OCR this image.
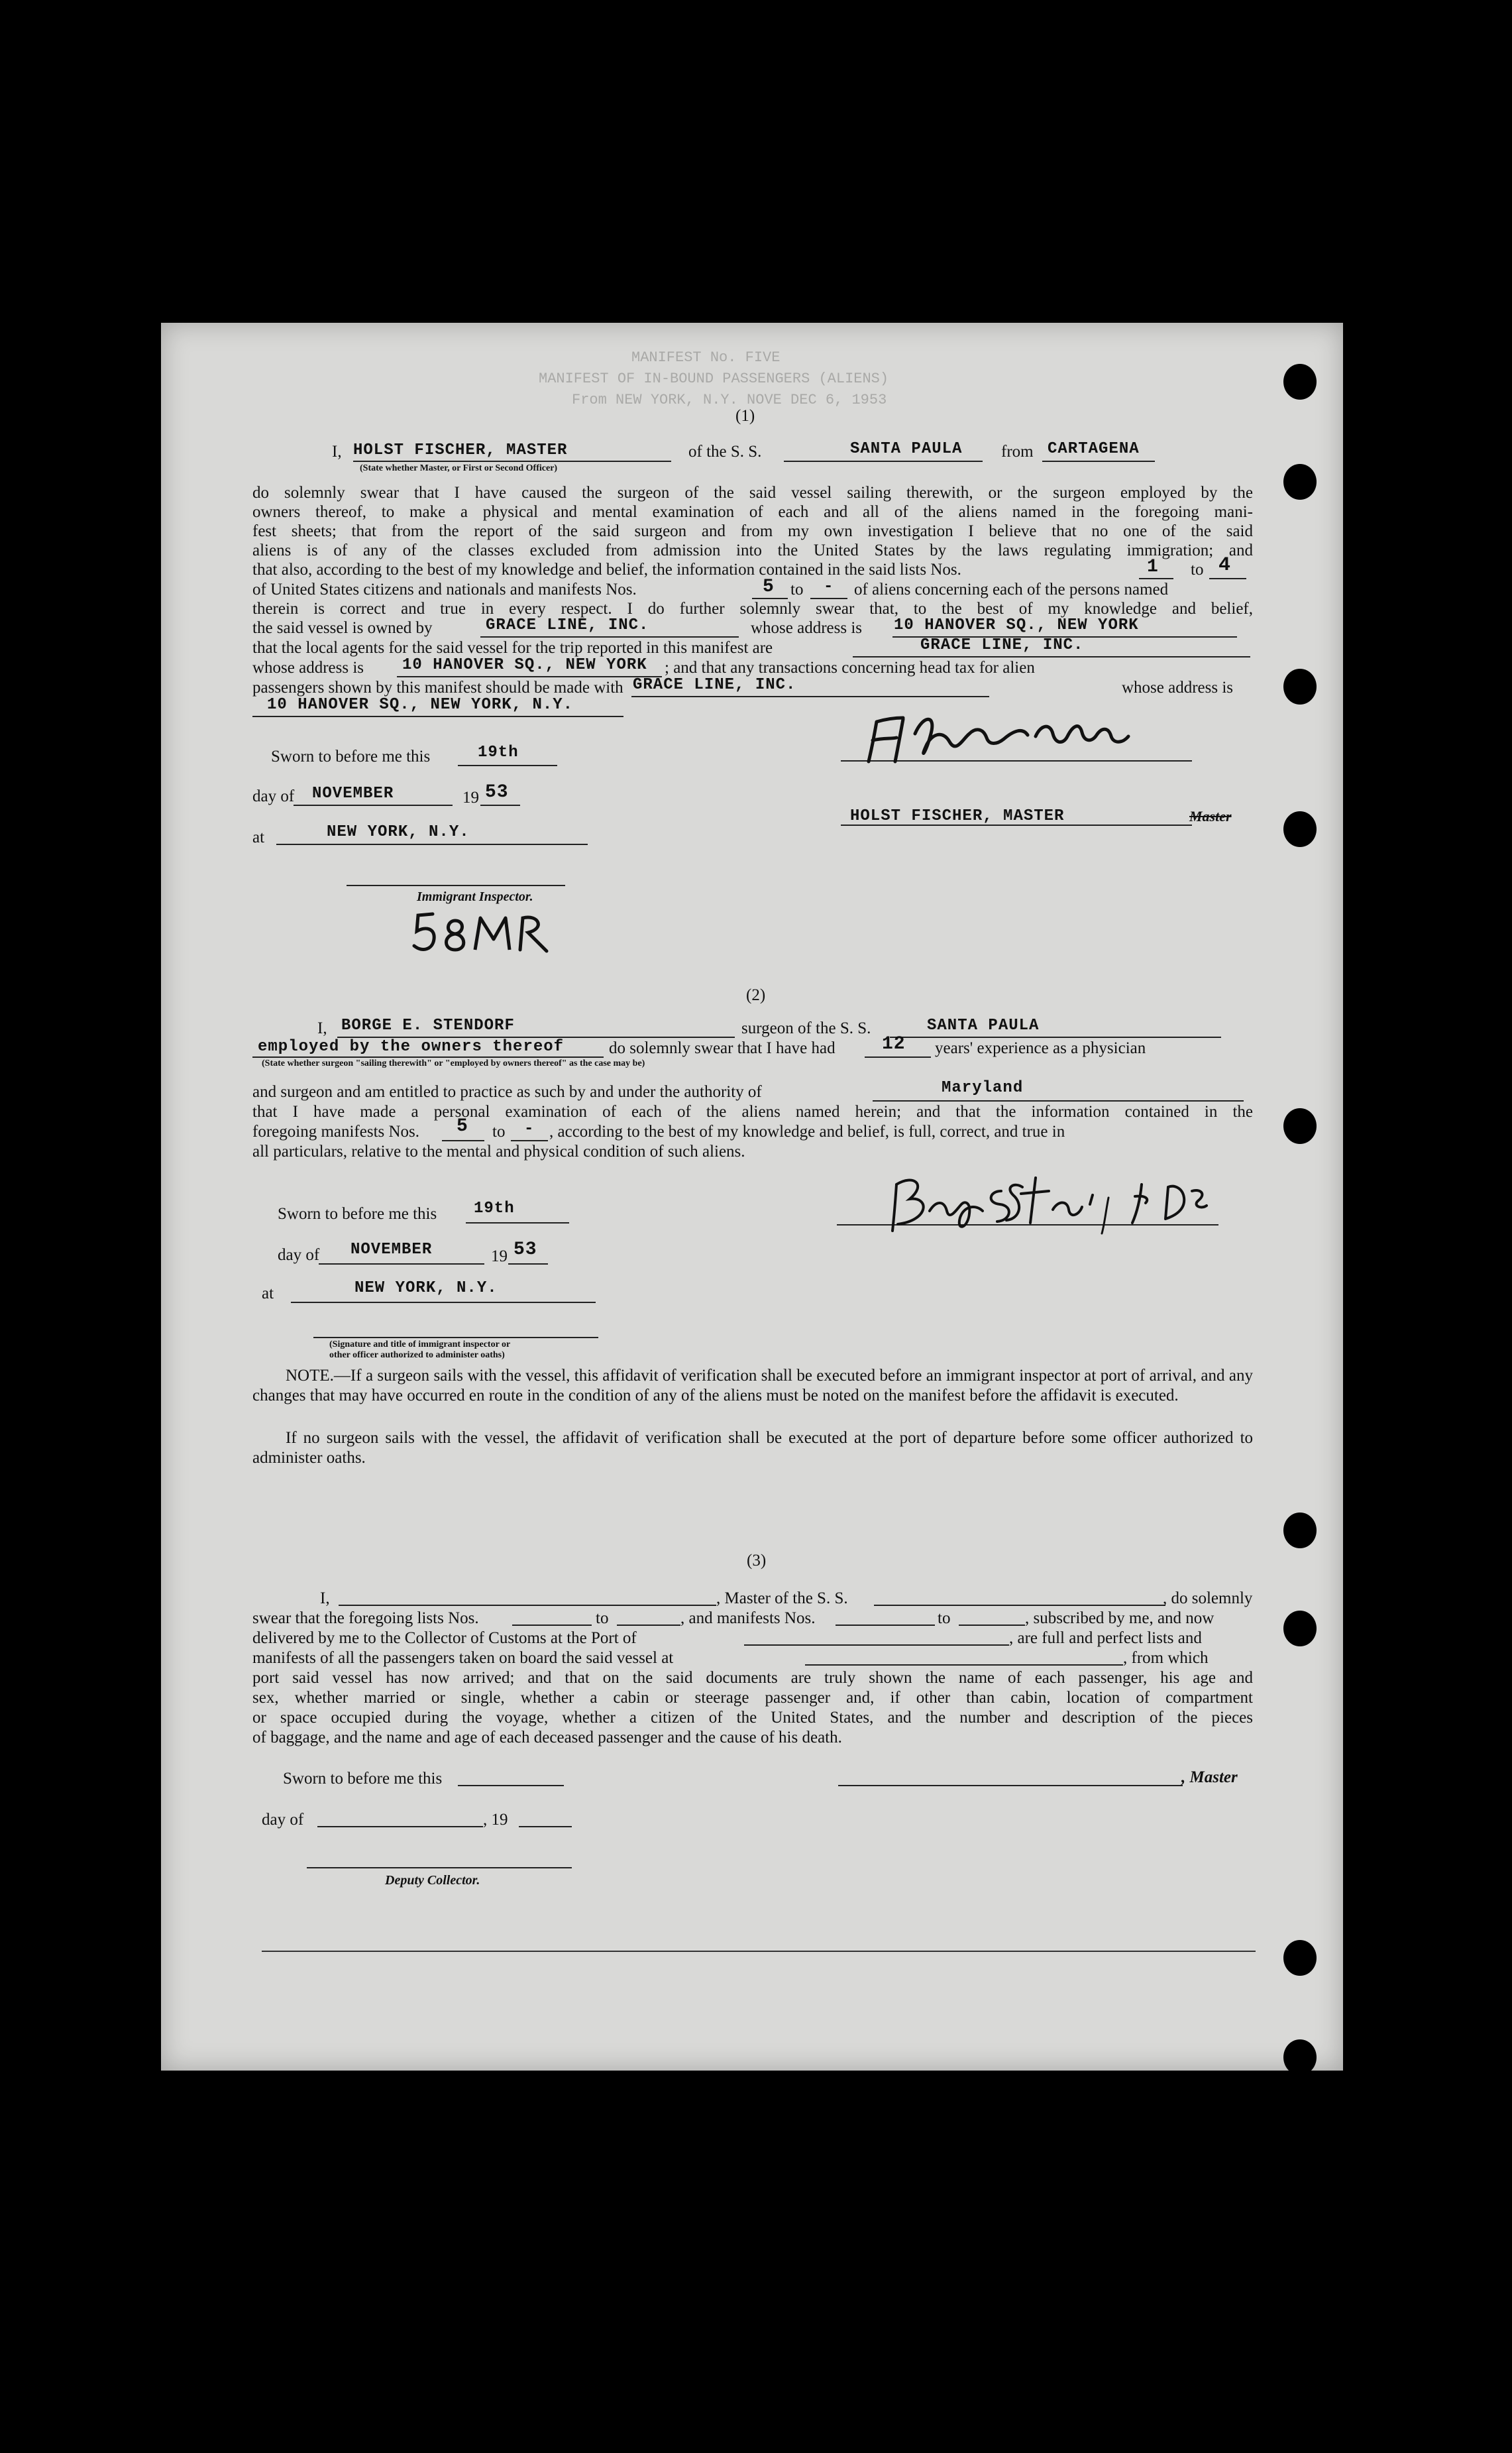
MANIFEST No. FIVE
MANIFEST OF IN-BOUND PASSENGERS (ALIENS)
From NEW YORK, N.Y. NOVE DEC 6, 1953
(1)
I, HOLST FISCHER, MASTER
(State whether Master, or First or Second Officer)
of the S. S.	SANTA PAULA from CARTAGENA
do solemnly swear that I have caused the surgeon of the said vessel sailing therewith, or the surgeon employed by the
owners thereof, to make a physical and mental examination of each and all of the aliens named in the foregoing mani-
fest sheets; that from the report of the said surgeon and from my own investigation I believe that no one of the said
aliens is of any of the classes excluded from admission into the United States by the laws regulating immigration; and
that also, according to the best of my knowledge and belief, the information contained in the said lists Nos.	1 to 4
of United States citizens and nationals and manifests Nos.	5 to - of aliens concerning each of the persons named
therein is correct and true in every respect. I do further solemnly swear that, to the best of my knowledge and belief,
the said vessel is owned by	GRACE LINE, INC.	whose address is 10 HANOVER SQ., NEW YORK
that the local agents for the said vessel for the trip reported in this manifest are	GRACE LINE, INC.
whose address is 10 HANOVER SQ., NEW YORK ; and that any transactions concerning head tax for alien
passengers shown by this manifest should be made with GRACE LINE, INC.	whose address is
10 HANOVER SQ., NEW YORK, N.Y.
Sworn to before me this	19th
day of NOVEMBER	19 53
at	NEW YORK, N.Y.
HOLST FISCHER, MASTER	Master
Immigrant Inspector.
(2)
I, BORGE E. STENDORF	surgeon of the S. S.	SANTA PAULA
employed by the owners thereof
(State whether surgeon "sailing therewith" or "employed by owners thereof" as the case may be)
do solemnly swear that I have had	12 years' experience as a physician
and surgeon and am entitled to practice as such by and under the authority of	Maryland
that I have made a personal examination of each of the aliens named herein; and that the information contained in the
foregoing manifests Nos. 5 to - , according to the best of my knowledge and belief, is full, correct, and true in
all particulars, relative to the mental and physical condition of such aliens.
Sworn to before me this 19th
day of NOVEMBER	19 53
at	NEW YORK, N.Y.
(Signature and title of immigrant inspector or
other officer authorized to administer oaths)
NOTE.—If a surgeon sails with the vessel, this affidavit of verification shall be executed before an immigrant inspector at port of arrival, and any changes that may have occurred en route in the condition of any of the aliens must be noted on the manifest before the affidavit is executed.
If no surgeon sails with the vessel, the affidavit of verification shall be executed at the port of departure before some officer authorized to administer oaths.
(3)
I,	, Master of the S. S.	, do solemnly
swear that the foregoing lists Nos.	to	, and manifests Nos.	to	, subscribed by me, and now
delivered by me to the Collector of Customs at the Port of	, are full and perfect lists and
manifests of all the passengers taken on board the said vessel at	, from which
port said vessel has now arrived; and that on the said documents are truly shown the name of each passenger, his age and
sex, whether married or single, whether a cabin or steerage passenger and, if other than cabin, location of compartment
or space occupied during the voyage, whether a citizen of the United States, and the number and description of the pieces
of baggage, and the name and age of each deceased passenger and the cause of his death.
Sworn to before me this	, Master
day of	, 19
Deputy Collector.
